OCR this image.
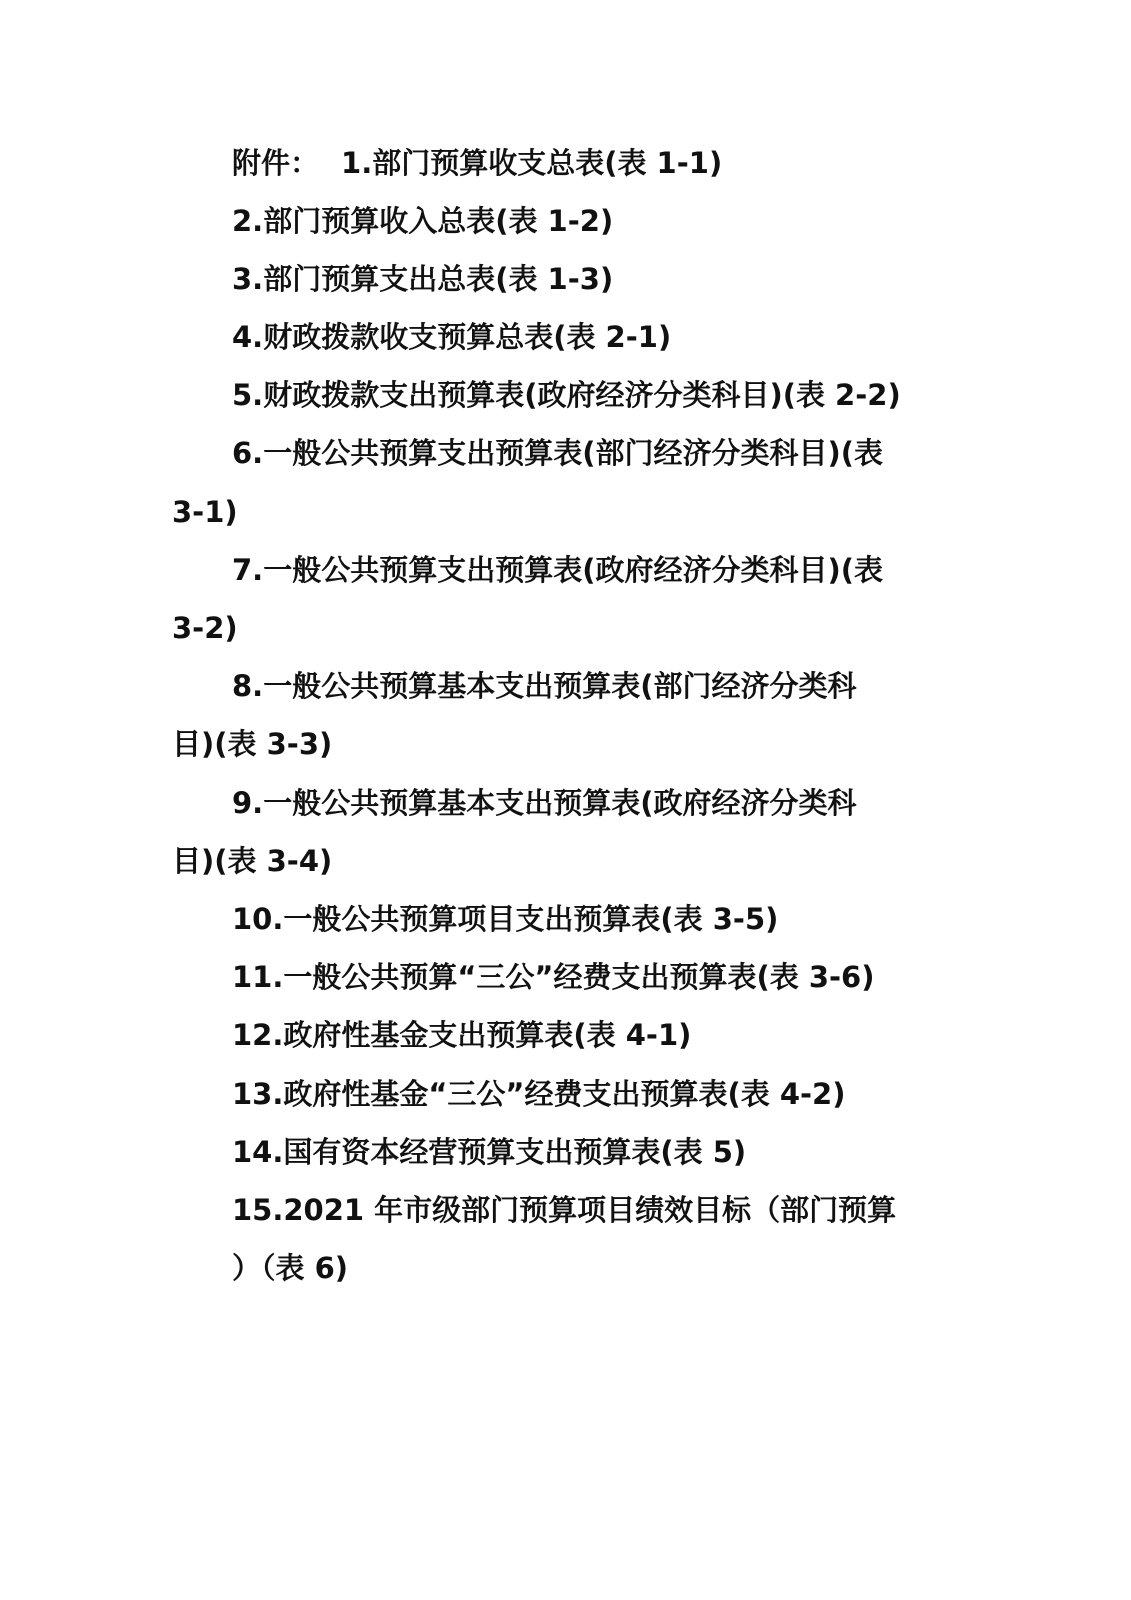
附件： 1.部门预算收支总表(表 1-1)
2.部门预算收入总表(表 1-2)
3.部门预算支出总表(表 1-3)
4.财政拨款收支预算总表(表 2-1)
5.财政拨款支出预算表(政府经济分类科目)(表 2-2)
6.一般公共预算支出预算表(部门经济分类科目)(表
3-1)
7.一般公共预算支出预算表(政府经济分类科目)(表
3-2)
8.一般公共预算基本支出预算表(部门经济分类科
目)(表 3-3)
9.一般公共预算基本支出预算表(政府经济分类科
目)(表 3-4)
10.一般公共预算项目支出预算表(表 3-5)
11.一般公共预算“三公”经费支出预算表(表 3-6)
12.政府性基金支出预算表(表 4-1)
13.政府性基金“三公”经费支出预算表(表 4-2)
14.国有资本经营预算支出预算表(表 5)
15.2021 年市级部门预算项目绩效目标（部门预算
）（表 6)
